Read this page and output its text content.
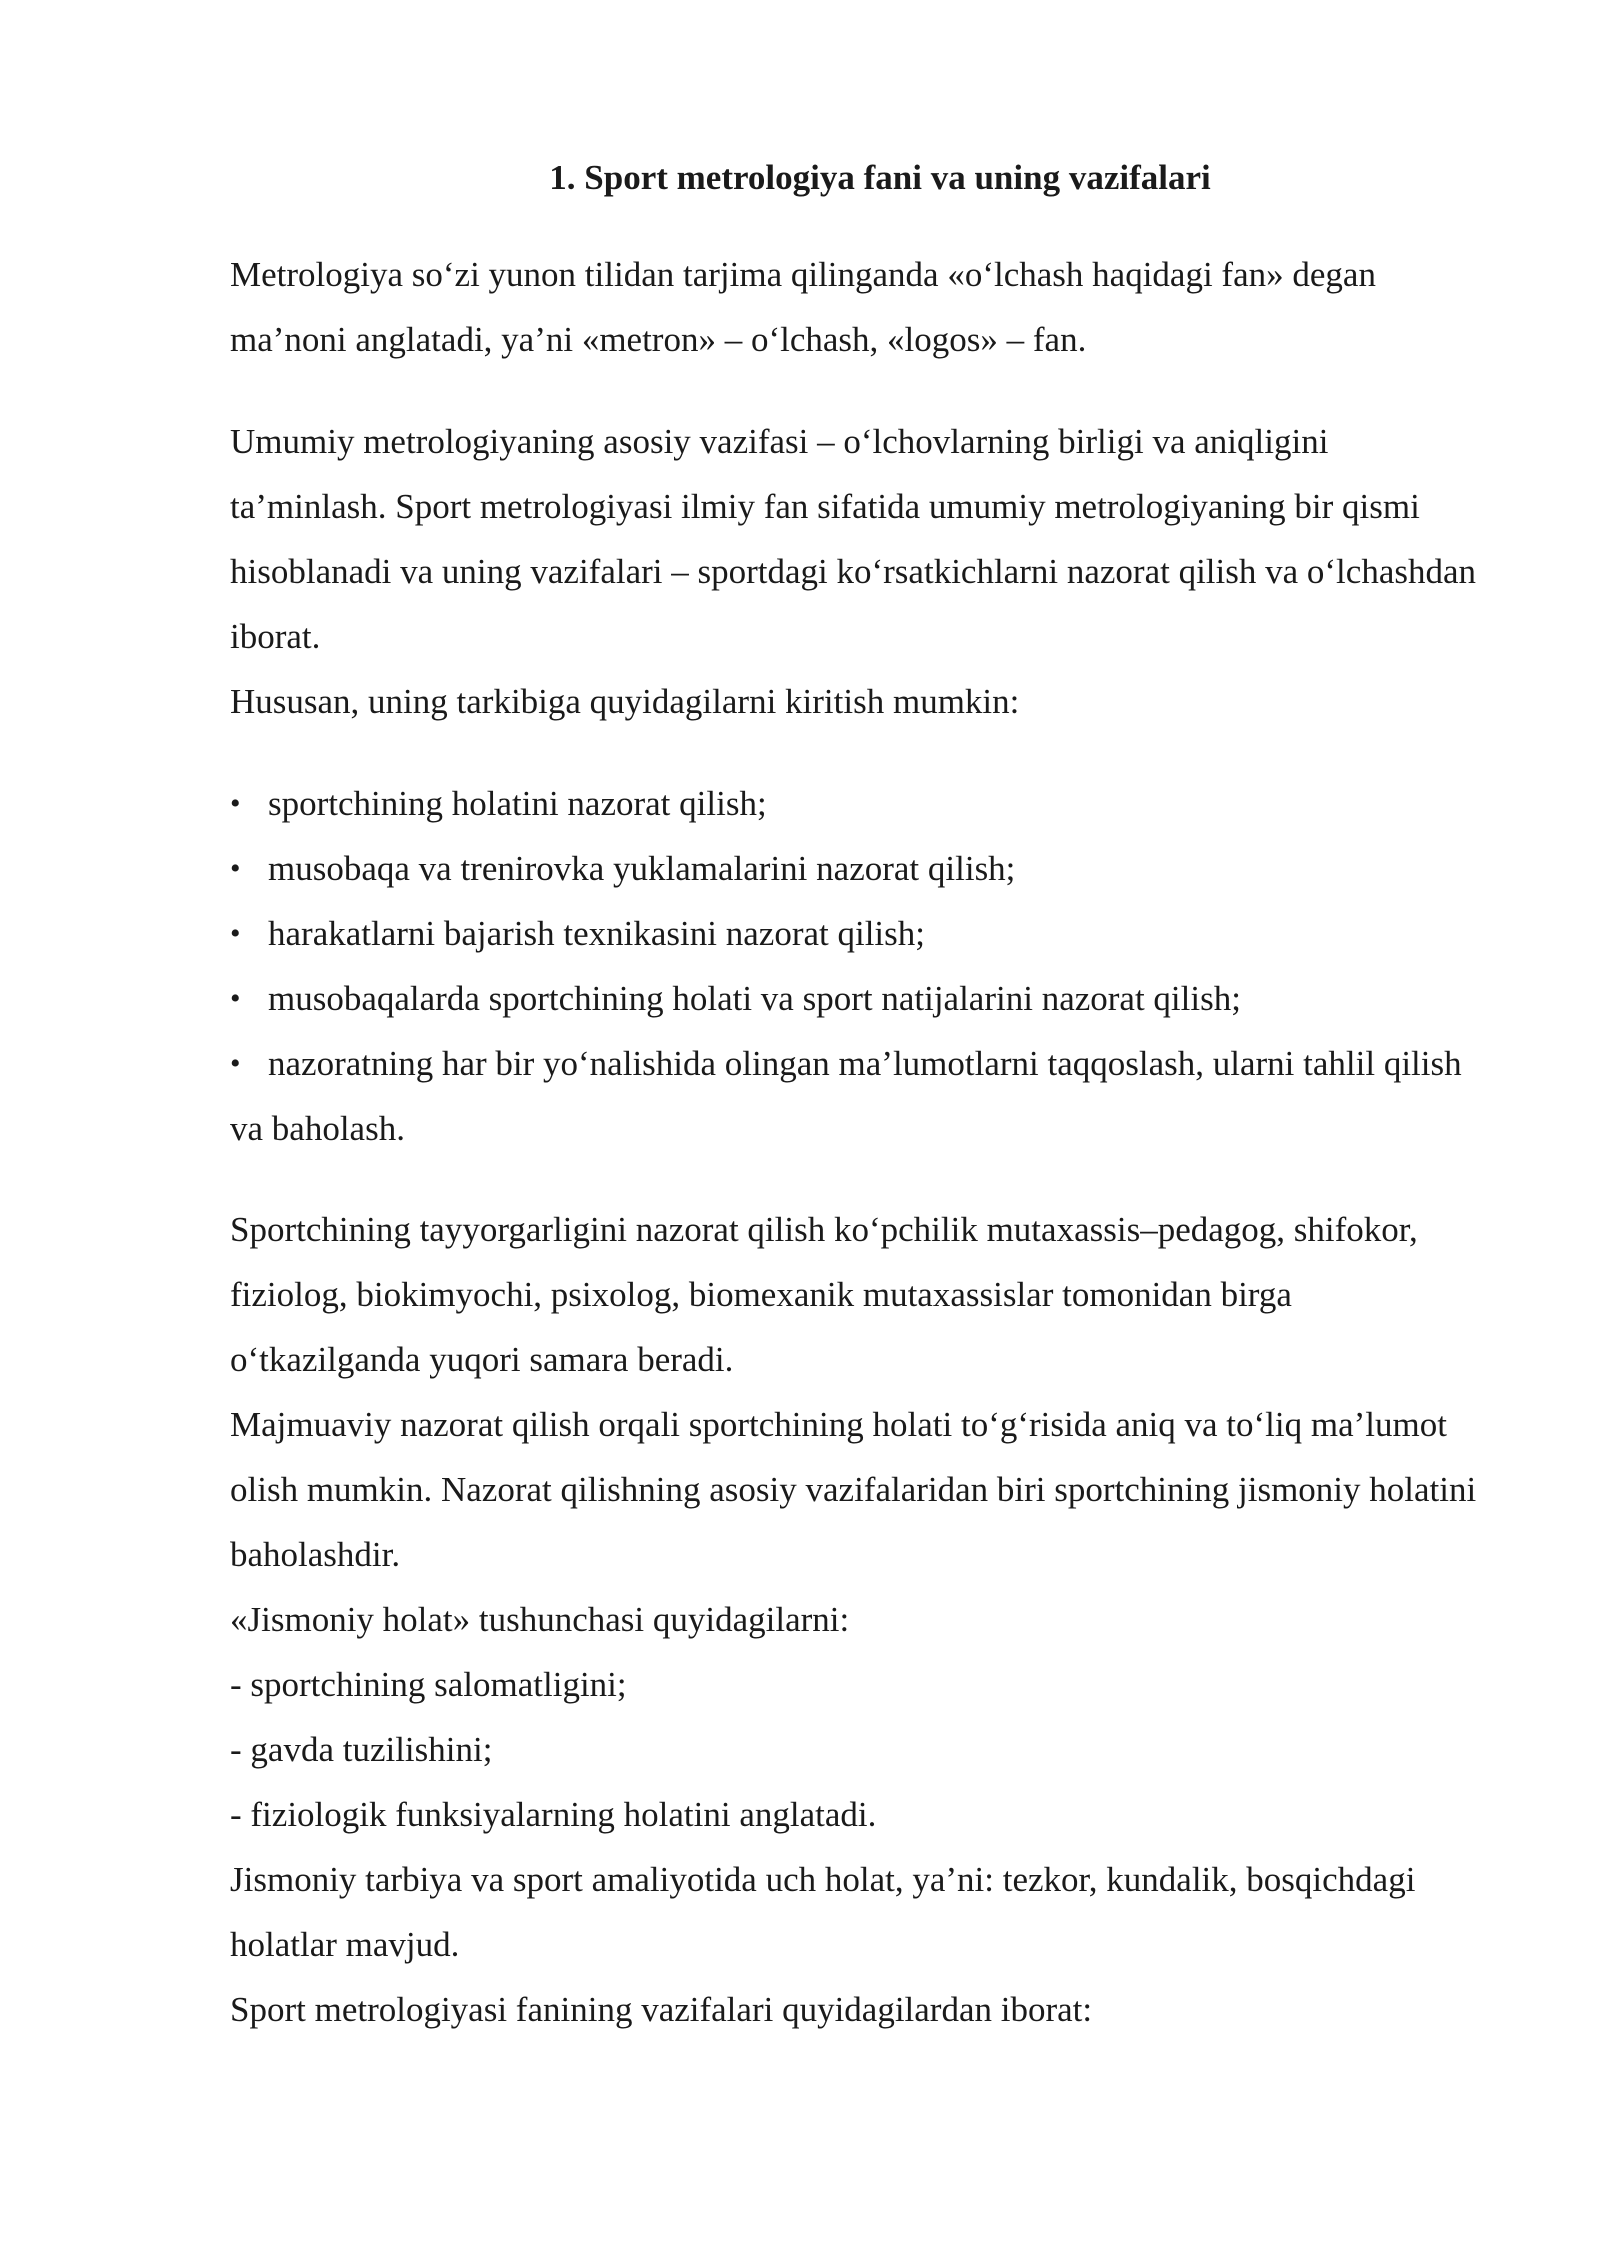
1. Sport metrologiya fani va uning vazifalari

Metrologiya so‘zi yunon tilidan tarjima qilinganda «o‘lchash haqidagi fan» degan ma’noni anglatadi, ya’ni «metron» – o‘lchash, «logos» – fan.

Umumiy metrologiyaning asosiy vazifasi – o‘lchovlarning birligi va aniqligini ta’minlash. Sport metrologiyasi ilmiy fan sifatida umumiy metrologiyaning bir qismi hisoblanadi va uning vazifalari – sportdagi ko‘rsatkichlarni nazorat qilish va o‘lchashdan iborat.

Hususan, uning tarkibiga quyidagilarni kiritish mumkin:

• sportchining holatini nazorat qilish;
• musobaqa va trenirovka yuklamalarini nazorat qilish;
• harakatlarni bajarish texnikasini nazorat qilish;
• musobaqalarda sportchining holati va sport natijalarini nazorat qilish;
• nazoratning har bir yo‘nalishida olingan ma’lumotlarni taqqoslash, ularni tahlil qilish va baholash.

Sportchining tayyorgarligini nazorat qilish ko‘pchilik mutaxassis–pedagog, shifokor, fiziolog, biokimyochi, psixolog, biomexanik mutaxassislar tomonidan birga o‘tkazilganda yuqori samara beradi.

Majmuaviy nazorat qilish orqali sportchining holati to‘g‘risida aniq va to‘liq ma’lumot olish mumkin. Nazorat qilishning asosiy vazifalaridan biri sportchining jismoniy holatini baholashdir.

«Jismoniy holat» tushunchasi quyidagilarni:

- sportchining salomatligini;

- gavda tuzilishini;

- fiziologik funksiyalarning holatini anglatadi.

Jismoniy tarbiya va sport amaliyotida uch holat, ya’ni: tezkor, kundalik, bosqichdagi holatlar mavjud.

Sport metrologiyasi fanining vazifalari quyidagilardan iborat:
